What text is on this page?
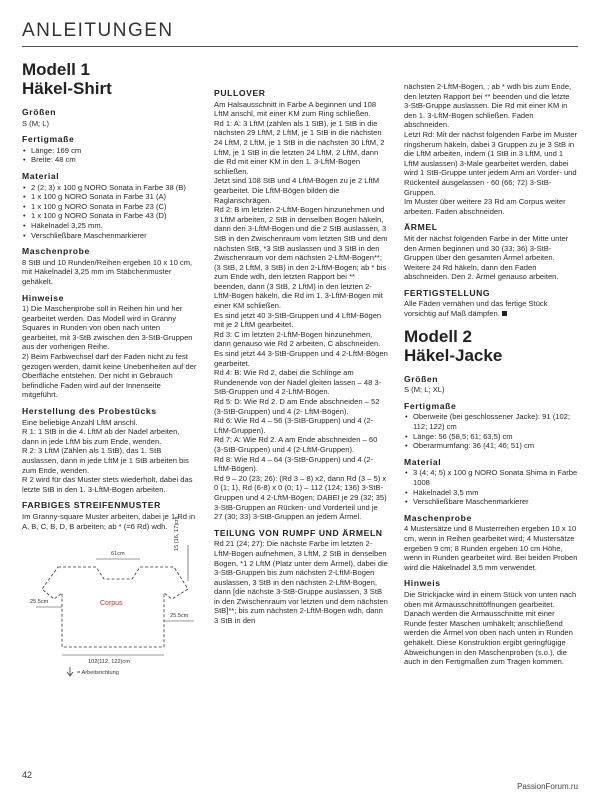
ANLEITUNGEN
Modell 1
Häkel-Shirt
Größen

S (M; L)

Fertigmaße
• Länge: 169 cm
• Breite: 48 cm
Material
• 2 (2; 3) x 100 g NORO Sonata in Farbe 38 (B)
• 1 x 100 g NORO Sonata in Farbe 31 (A)
• 1 x 100 g NORO Sonata in Farbe 23 (C)
• 1 x 100 g NORO Sonata in Farbe 43 (D)
• Häkelnadel 3,25 mm.
• Verschließbare Maschenmarkierer
Maschenprobe

8 StB und 10 Runden/Reihen ergeben 10 x 10 cm, mit Häkelnadel 3,25 mm im Stäbchenmuster gehäkelt.

Hinweise

1) Die Maschenprobe soll in Reihen hin und her gearbeitet werden. Das Modell wird in Granny Squares in Runden von oben nach unten gearbeitet, mit 3-StB zwischen den 3-StB-Gruppen aus der vorherigen Reihe.

2) Beim Farbwechsel darf der Faden nicht zu fest gezogen werden, damit keine Unebenheiten auf der Oberfläche entstehen. Der nicht in Gebrauch befindliche Faden wird auf der Innenseite mitgeführt.

Herstellung des Probestücks

Eine beliebige Anzahl LftM anschl.

R 1: 1 StB in die 4. LftM ab der Nadel arbeiten, dann in jede LftM bis zum Ende, wenden.

R 2: 3 LftM (Zählen als 1 StB), das 1. StB auslassen, dann in jede LftM je 1 StB arbeiten bis zum Ende, wenden.

R 2 wird für das Muster stets wiederholt, dabei das letzte StB in den 1. 3-LftM-Bogen arbeiten.

FARBIGES STREIFENMUSTER

Im Granny-square Muster arbeiten, dabei je 1 Rd in A, B, C, B, D, B arbeiten; ab * (=6 Rd) wdh.

61cm
25.5cm
25.5cm
102(112, 122)cm
15 (16, 17)cm
Corpus
= Arbeitsrichtung
PULLOVER

Am Halsausschnitt in Farbe A beginnen und 108 LftM anschl, mit einer KM zum Ring schließen.

Rd 1: A: 3 LftM (zählen als 1 StB), je 1 StB in die nächsten 29 LftM, 2 LftM, je 1 StB in die nächsten 24 LftM, 2 LftM, je 1 StB in die nächsten 30 LftM, 2 LftM, je 1 StB in die letzten 24 LftM, 2 LftM, dann die Rd mit einer KM in den 1. 3-LftM-Bogen schließen.

Jetzt sind 108 StB und 4 LftM-Bögen zu je 2 LftM gearbeitet. Die LftM-Bögen bilden die Raglanschrägen.

Rd 2: B im letzten 2-LftM-Bogen hinzunehmen und 3 LftM arbeiten, 2 StB in denselben Bogen häkeln, dann den 3-LftM-Bogen und die 2 StB auslassen, 3 StB in den Zwischenraum vom letzten StB und dem nächsten StB, *3 StB auslassen und 3 StB in den Zwischenraum vor dem nächsten 2-LftM-Bogen**; (3 StB, 2 LftM, 3 StB) in den 2-LftM-Bogen; ab * bis zum Ende wdh, den letzten Rapport bei ** beenden, dann (3 StB, 2 LftM) in den letzten 2-LftM-Bogen häkeln, die Rd im 1. 3-LftM-Bogen mit einer KM schließen.

Es sind jetzt 40 3-StB-Gruppen und 4 LftM-Bögen mit je 2 LftM gearbeitet.

Rd 3: C im letzten 2-LftM-Bogen hinzunehmen, dann genauso wie Rd 2 arbeiten, C abschneiden. Es sind jetzt 44 3-StB-Gruppen und 4 2-LftM-Bögen gearbeitet.

Rd 4: B: Wie Rd 2, dabei die Schlinge am Rundenende von der Nadel gleiten lassen – 48 3-StB-Gruppen und 4 2-LftM-Bögen.

Rd 5: D: Wie Rd 2. D am Ende abschneiden – 52 (3-StB-Gruppen) und 4 (2- LftM-Bögen).

Rd 6: Wie Rd 4 – 56 (3-StB-Gruppen) und 4 (2-LftM-Gruppen).

Rd 7: A: Wie Rd 2. A am Ende abschneiden – 60 (3-StB-Gruppen) und 4 (2-LftM-Gruppen).

Rd 8: Wie Rd 4 – 64 (3-StB-Gruppen) und 4 (2-LftM-Bögen).

Rd 9 – 20 (23; 26): (Rd 3 – 8) x2, dann Rd (3 – 5) x 0 (1; 1), Rd (6-8) x 0 (0; 1) – 112 (124; 136) 3-StB-Gruppen und 4 2-LftM-Bögen; DABEI je 29 (32; 35) 3-StB-Gruppen an Rücken- und Vorderteil und je 27 (30; 33) 3-StB-Gruppen an jedem Ärmel.

TEILUNG VON RUMPF UND ÄRMELN

Rd 21 (24; 27): Die nächste Farbe im letzten 2-LftM-Bogen aufnehmen, 3 LftM, 2 StB in denselben Bogen, *1 2 LftM (Platz unter dem Ärmel), dabei die 3-StB-Gruppen bis zum nächsten 2-LftM-Bogen auslassen, 3 StB in den nächsten 2-LftM-Bogen, dann [die nächste 3-StB-Gruppe auslassen, 3 StB in den Zwischenraum vor letzten und dem nächsten StB]**; bis zum nächsten 2-LftM-Bogen wdh, dann 3 StB in den

nächsten 2-LftM-Bogen, ; ab * wdh bis zum Ende, den letzten Rapport bei ** beenden und die letzte 3-StB-Gruppe auslassen. Die Rd mit einer KM in den 1. 3-LftM-Bogen schließen. Faden abschneiden.

Letzt Rd: Mit der nächst folgenden Farbe im Muster ringsherum häkeln, dabei 3 Gruppen zu je 3 StB in die LftM arbeiten, indem (1 StB in 3 LftM, und 1 LftM auslassen) 3-Male gearbeitet werden, dabei wird 1 StB-Gruppe unter jedem Arm an Vorder- und Rückenteil ausgelassen - 60 (66; 72) 3-StB-Gruppen.

Im Muster über weitere 23 Rd am Corpus weiter arbeiten. Faden abschneiden.

ÄRMEL

Mit der nächst folgenden Farbe in der Mitte unter den Armen beginnen und 30 (33; 36) 3-StB-Gruppen über den gesamten Ärmel arbeiten. Weitere 24 Rd häkeln, dann den Faden abschneiden. Den 2. Ärmel genauso arbeiten.

FERTIGSTELLUNG

Alle Fäden vernähen und das fertige Stück vorsichtig auf Maß dämpfen.

Modell 2
Häkel-Jacke
Größen

S (M; L; XL)

Fertigmaße
• Oberweite (bei geschlossener Jacke): 91 (102; 112; 122) cm
• Länge: 56 (58,5; 61; 63,5) cm
• Oberarmumfang: 36 (41; 46; 51) cm
Material
• 3 (4; 4; 5) x 100 g NORO Sonata Shima in Farbe 1008
• Häkelnadel 3,5 mm
• Verschließbare Maschenmarkierer
Maschenprobe

4 Mustersätze und 8 Musterreihen ergeben 10 x 10 cm, wenn in Reihen gearbeitet wird; 4 Mustersätze ergeben 9 cm; 8 Runden ergeben 10 cm Höhe, wenn in Runden gearbeitet wird. Bei beiden Proben wird die Häkelnadel 3,5 mm verwendet.

Hinweis

Die Strickjacke wird in einem Stück von unten nach oben mit Armausschnittöffnungen gearbeitet. Danach werden die Armausschnitte mit einer Runde fester Maschen umhäkelt; anschließend werden die Ärmel von oben nach unten in Runden gehäkelt. Diese Konstruktion ergibt geringfügige Abweichungen in den Maschenproben (s.o.), die auch in den Fertigmaßen zum Tragen kommen.

42
PassionForum.ru
